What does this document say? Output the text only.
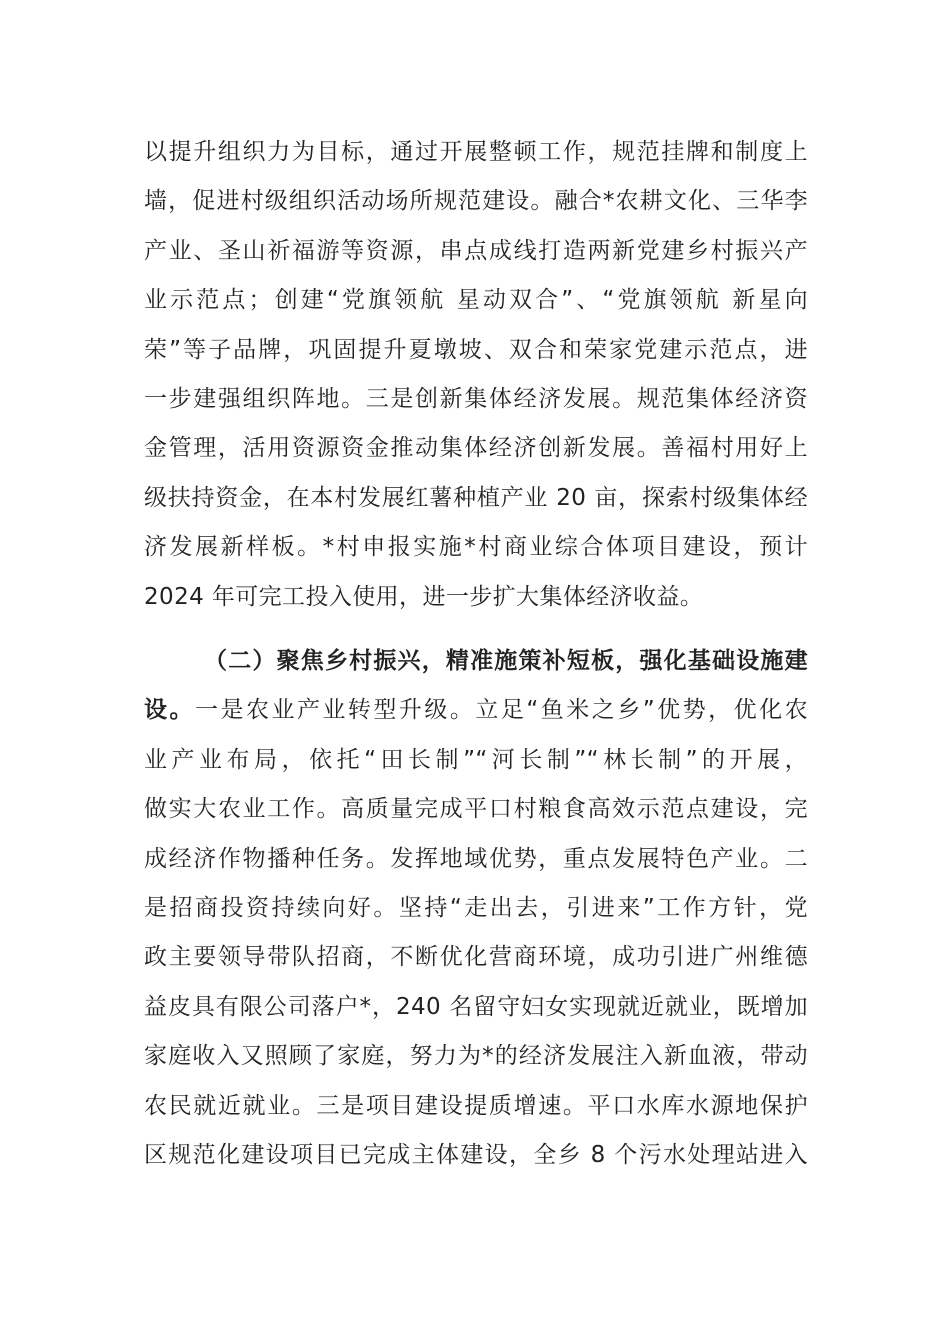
以提升组织力为目标，通过开展整顿工作，规范挂牌和制度上
墙，促进村级组织活动场所规范建设。融合*农耕文化、三华李
产业、圣山祈福游等资源，串点成线打造两新党建乡村振兴产
业示范点；创建“党旗领航 星动双合”、“党旗领航 新星向
荣”等子品牌，巩固提升夏墩坡、双合和荣家党建示范点，进
一步建强组织阵地。三是创新集体经济发展。规范集体经济资
金管理，活用资源资金推动集体经济创新发展。善福村用好上
级扶持资金，在本村发展红薯种植产业 20 亩，探索村级集体经
济发展新样板。*村申报实施*村商业综合体项目建设，预计
2024 年可完工投入使用，进一步扩大集体经济收益。
（二）聚焦乡村振兴，精准施策补短板，强化基础设施建
设。一是农业产业转型升级。立足“鱼米之乡”优势，优化农
业产业布局，依托“田长制”“河长制”“林长制”的开展，
做实大农业工作。高质量完成平口村粮食高效示范点建设，完
成经济作物播种任务。发挥地域优势，重点发展特色产业。二
是招商投资持续向好。坚持“走出去，引进来”工作方针，党
政主要领导带队招商，不断优化营商环境，成功引进广州维德
益皮具有限公司落户*，240 名留守妇女实现就近就业，既增加
家庭收入又照顾了家庭，努力为*的经济发展注入新血液，带动
农民就近就业。三是项目建设提质增速。平口水库水源地保护
区规范化建设项目已完成主体建设，全乡 8 个污水处理站进入
